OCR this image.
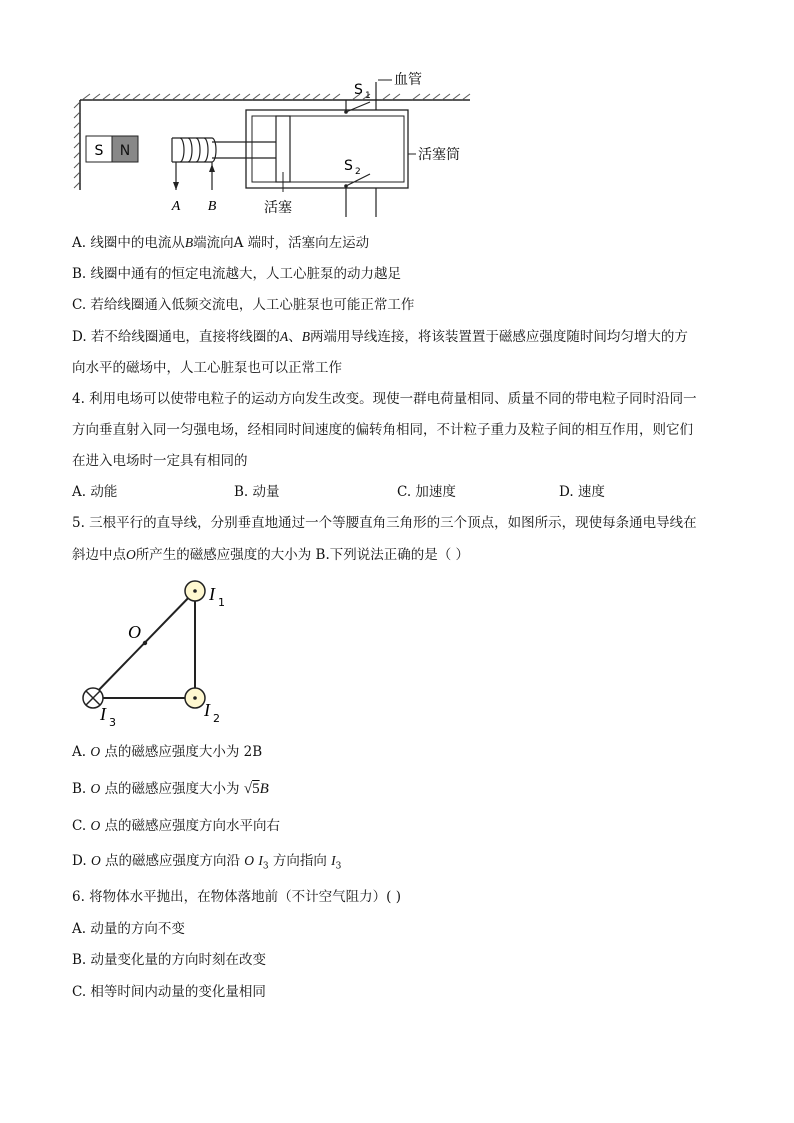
S N
A B	活塞
S 1
S 2
血管
活塞筒
A. 线圈中的电流从B端流向A 端时，活塞向左运动
B. 线圈中通有的恒定电流越大，人工心脏泵的动力越足
C. 若给线圈通入低频交流电，人工心脏泵也可能正常工作
D. 若不给线圈通电，直接将线圈的A、B两端用导线连接，将该装置置于磁感应强度随时间均匀增大的方
向水平的磁场中，人工心脏泵也可以正常工作
4. 利用电场可以使带电粒子的运动方向发生改变。现使一群电荷量相同、质量不同的带电粒子同时沿同一
方向垂直射入同一匀强电场，经相同时间速度的偏转角相同，不计粒子重力及粒子间的相互作用，则它们
在进入电场时一定具有相同的
A. 动能	B. 动量	C. 加速度	D. 速度
5. 三根平行的直导线，分别垂直地通过一个等腰直角三角形的三个顶点，如图所示，现使每条通电导线在
斜边中点O所产生的磁感应强度的大小为 B.下列说法正确的是（ ）
O
I 1
I 2
I 3
A. O 点的磁感应强度大小为 2B
B. O 点的磁感应强度大小为 √5B
C. O 点的磁感应强度方向水平向右
D. O 点的磁感应强度方向沿 O $I_3$ 方向指向 $I_3$
6. 将物体水平抛出，在物体落地前（不计空气阻力）( )
A. 动量的方向不变
B. 动量变化量的方向时刻在改变
C. 相等时间内动量的变化量相同
